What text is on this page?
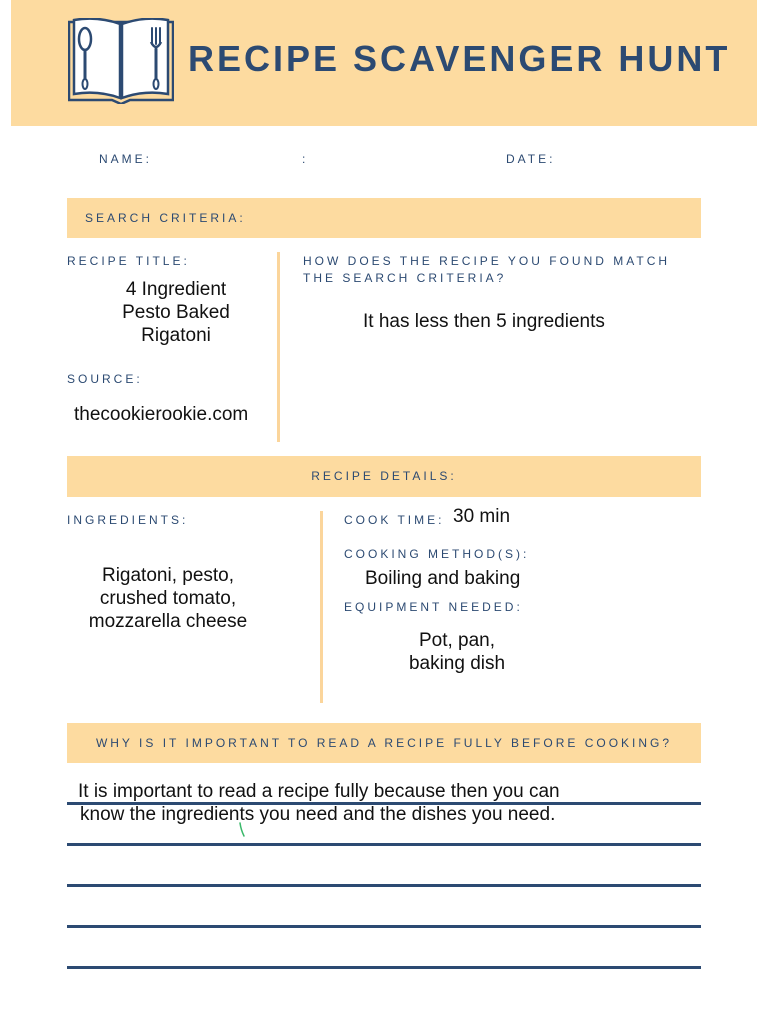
RECIPE SCAVENGER HUNT
NAME:	:	DATE:
SEARCH CRITERIA:
RECIPE TITLE:
4 Ingredient
Pesto Baked
Rigatoni
SOURCE:
thecookierookie.com
HOW DOES THE RECIPE YOU FOUND MATCH
THE SEARCH CRITERIA?
It has less then 5 ingredients
RECIPE DETAILS:
INGREDIENTS:
Rigatoni, pesto,
crushed tomato,
mozzarella cheese
COOK TIME: 30 min
COOKING METHOD(S):
Boiling and baking
EQUIPMENT NEEDED:
Pot, pan,
baking dish
WHY IS IT IMPORTANT TO READ A RECIPE FULLY BEFORE COOKING?
It is important to read a recipe fully because then you can
know the ingredients you need and the dishes you need.
